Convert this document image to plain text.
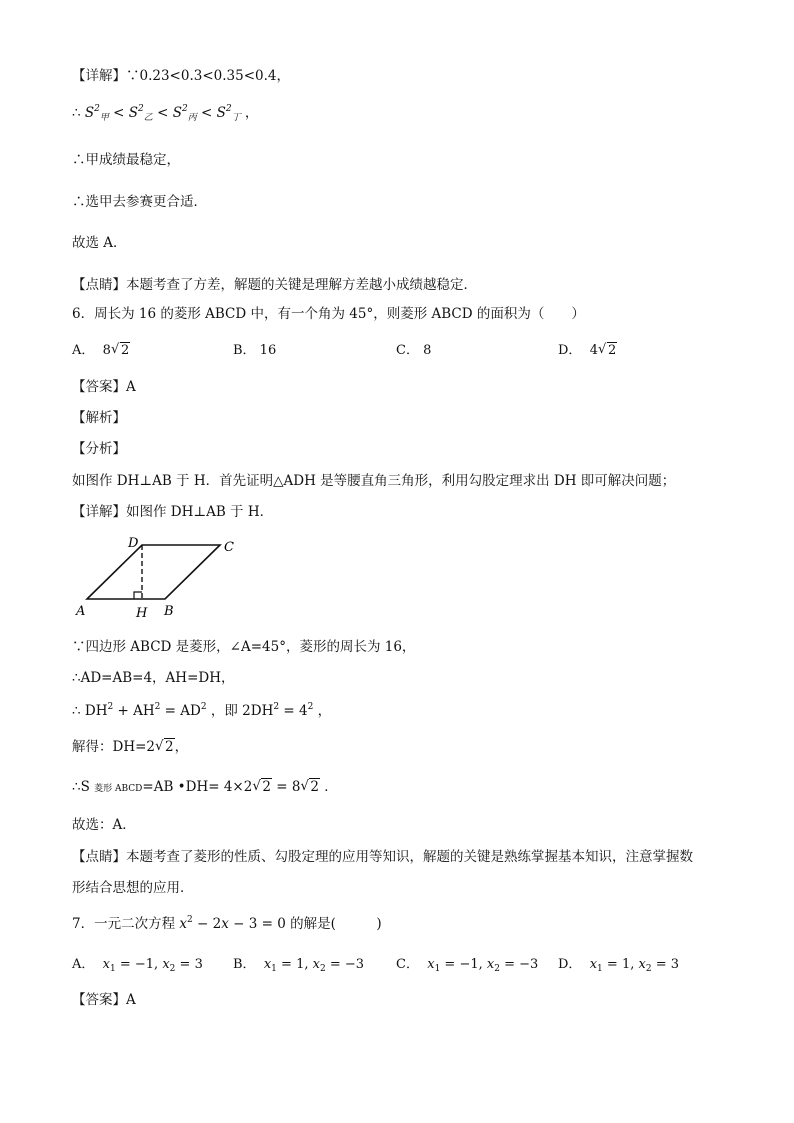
【详解】∵0.23<0.3<0.35<0.4，
∴ $S^2_甲 < S^2_乙 < S^2_丙 < S^2_丁$ ，
∴甲成绩最稳定，
∴选甲去参赛更合适．
故选 A．
【点睛】本题考查了方差，解题的关键是理解方差越小成绩越稳定．
6．周长为 16 的菱形 ABCD 中，有一个角为 45°，则菱形 ABCD 的面积为（　　）
A．  8 √ 2	B． 16	C． 8	D．  4 √ 2
【答案】A
【解析】
【分析】
如图作 DH⊥AB 于 H．首先证明△ADH 是等腰直角三角形，利用勾股定理求出 DH 即可解决问题；
【详解】如图作 DH⊥AB 于 H．
A	H B
D	C
∵四边形 ABCD 是菱形，∠A=45°，菱形的周长为 16，
∴AD=AB=4，AH=DH，
∴ $DH^2 + AH^2 = AD^2$ ，即 $2DH^2 = 4^2$ ，
解得：DH=2 √ 2，
∴S 菱形 ABCD=AB •DH= 4×2 √ 2 = 8 √ 2 ．
故选：A．
【点睛】本题考查了菱形的性质、勾股定理的应用等知识，解题的关键是熟练掌握基本知识，注意掌握数
形结合思想的应用．
7．一元二次方程 $x^2 - 2x - 3 = 0$ 的解是(　　　)
A．  $x_1 = -1$, $x_2 = 3$ B．  $x_1 = 1$, $x_2 = -3$ C．  $x_1 = -1$, $x_2 = -3$ D．  $x_1 = 1$, $x_2 = 3$
【答案】A
